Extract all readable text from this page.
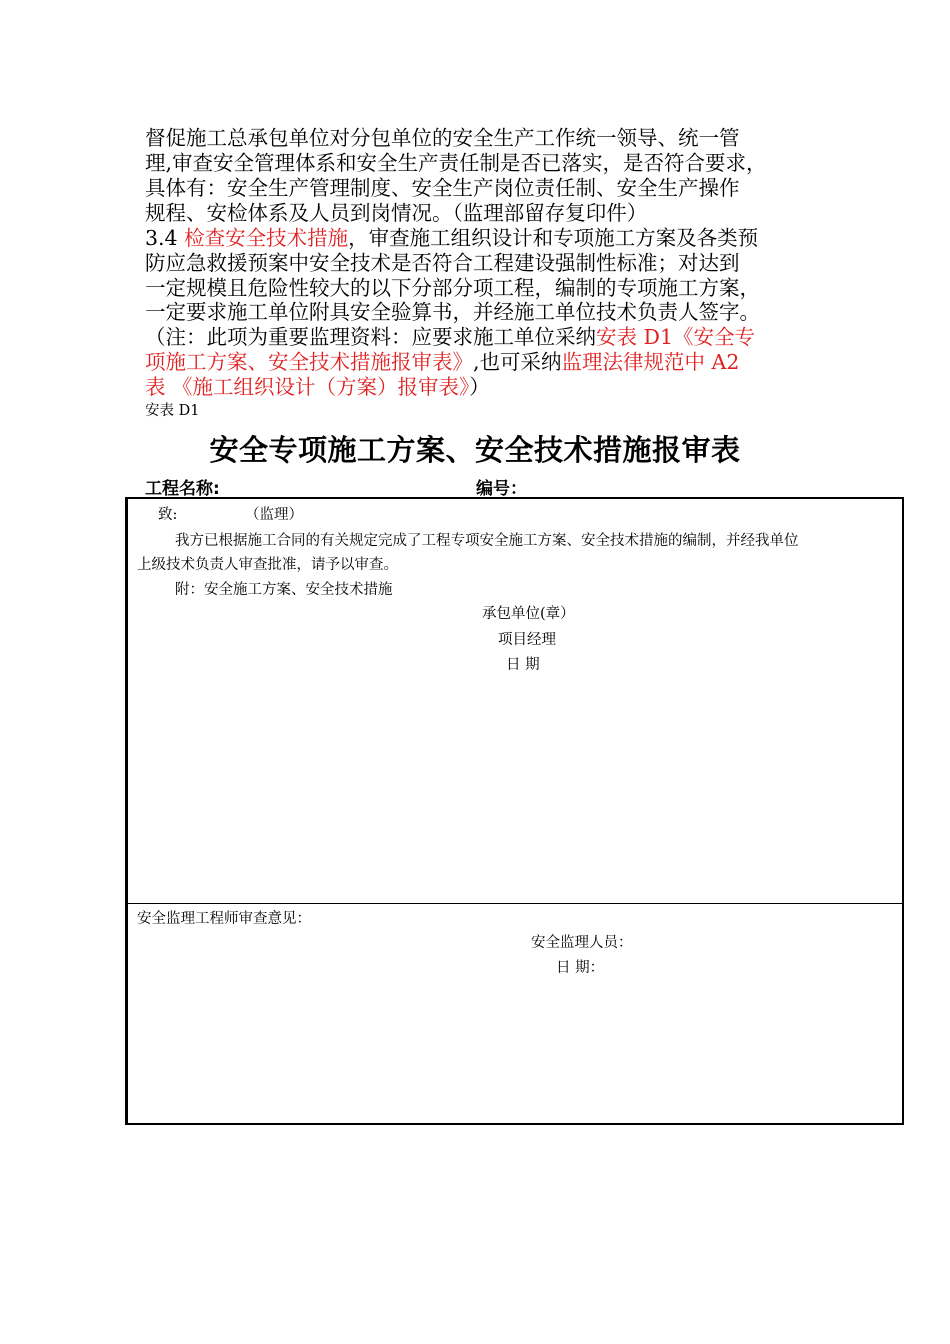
督促施工总承包单位对分包单位的安全生产工作统一领导、统一管
理,审查安全管理体系和安全生产责任制是否已落实，是否符合要求，
具体有：安全生产管理制度、安全生产岗位责任制、安全生产操作
规程、安检体系及人员到岗情况。（监理部留存复印件）
3.4 检查安全技术措施，审查施工组织设计和专项施工方案及各类预
防应急救援预案中安全技术是否符合工程建设强制性标准；对达到
一定规模且危险性较大的以下分部分项工程，编制的专项施工方案，
一定要求施工单位附具安全验算书，并经施工单位技术负责人签字。
（注：此项为重要监理资料：应要求施工单位采纳安表 D1《安全专
项施工方案、安全技术措施报审表》,也可采纳监理法律规范中 A2
表 《施工组织设计（方案）报审表》）
安表 D1
安全专项施工方案、安全技术措施报审表
工程名称:	编号：
致:	（监理）
我方已根据施工合同的有关规定完成了工程专项安全施工方案、安全技术措施的编制，并经我单位
上级技术负责人审查批准，请予以审查。
附：安全施工方案、安全技术措施
承包单位(章）
项目经理
日 期
安全监理工程师审查意见：
安全监理人员：
日 期：
